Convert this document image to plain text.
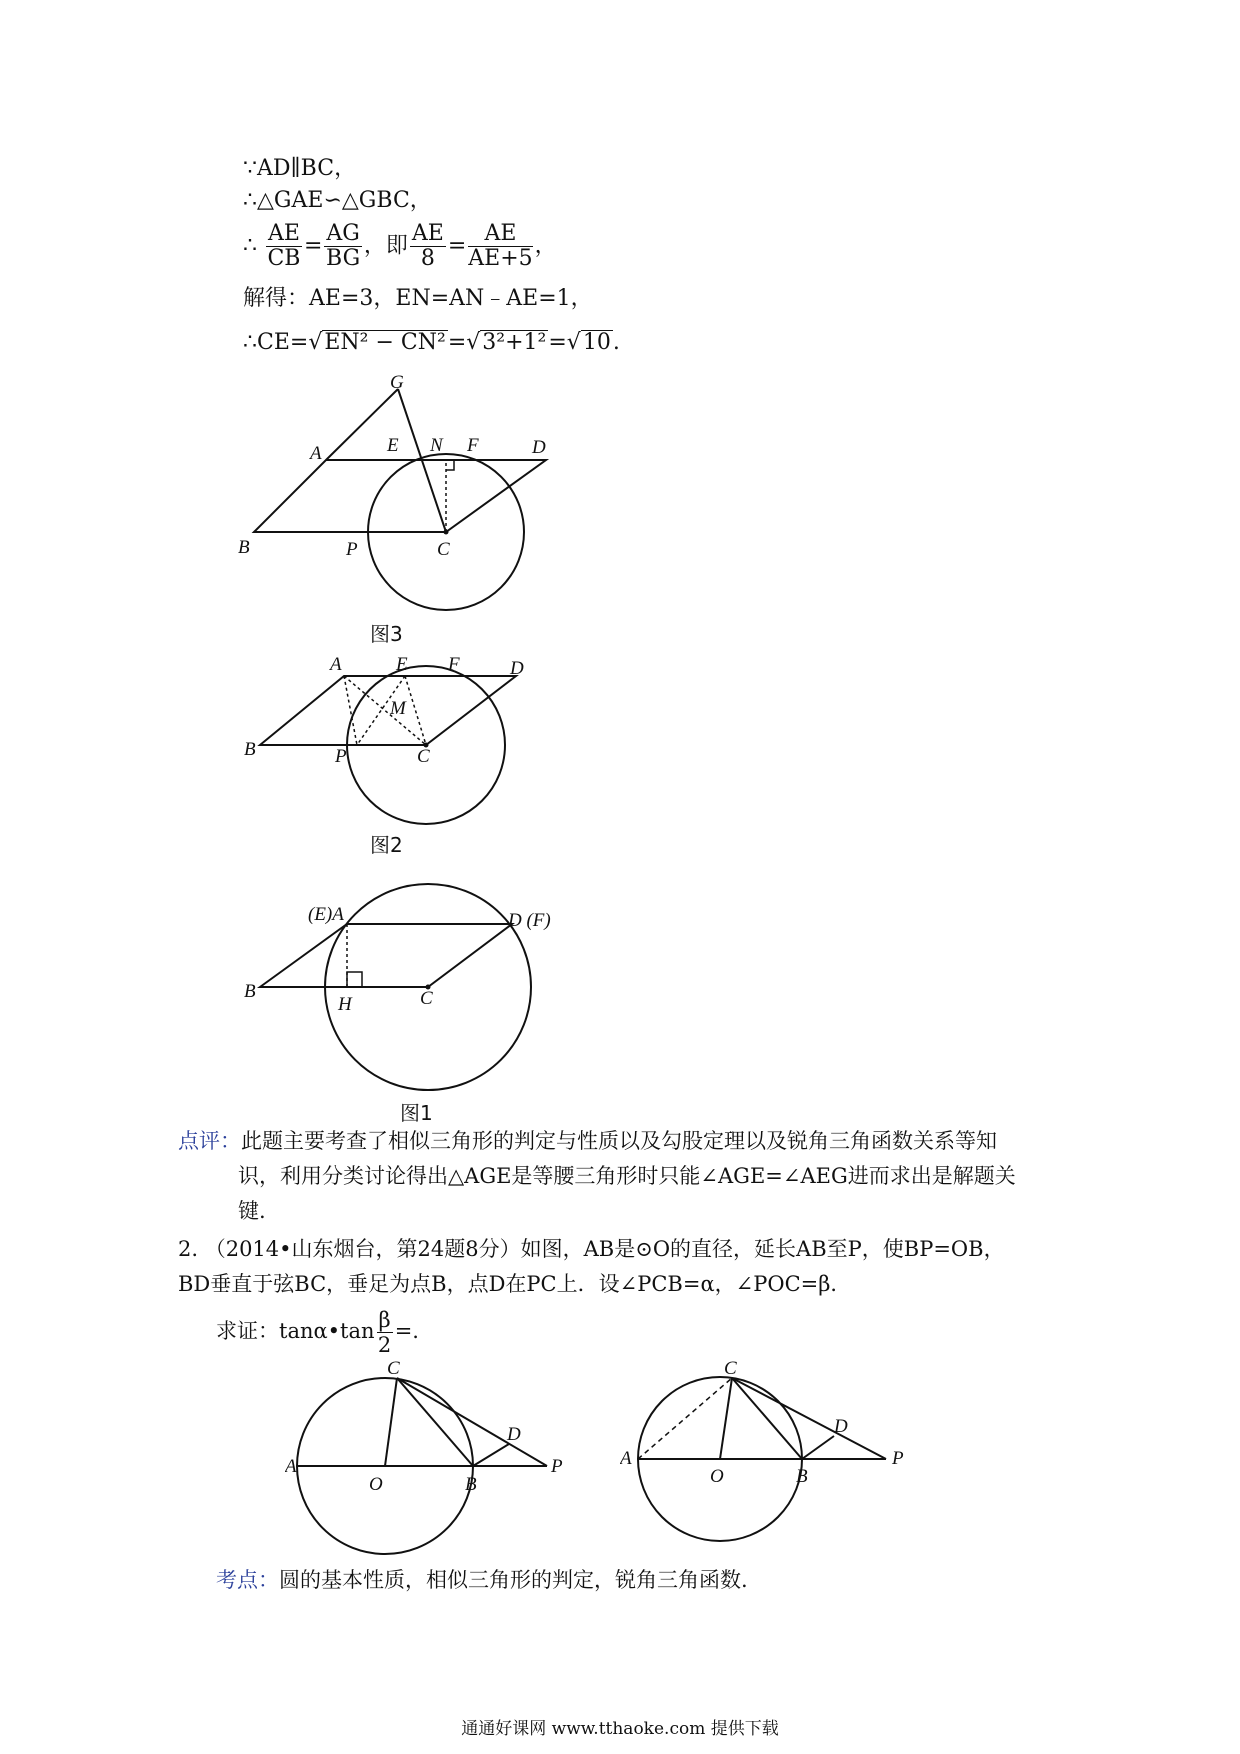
∵AD∥BC，
∴△GAE∽△GBC，
∴ $\frac{AE}{CB} = \frac{AG}{BG}$ ，即 $\frac{AE}{8} = \frac{AE}{AE+5}$ ，
解得：AE=3，EN=AN﹣AE=1，
∴CE=√EN² − CN²=√3²+1²=√10.
G
A	E N F	D
B	P	C
图3
A	E F	D
M
B	P	C
图2
(E)A	D (F)
B
H	C
图1
点评：此题主要考查了相似三角形的判定与性质以及勾股定理以及锐角三角函数关系等知
识，利用分类讨论得出△AGE是等腰三角形时只能∠AGE=∠AEG进而求出是解题关
键.
2. （2014•山东烟台，第24题8分）如图，AB是⊙O的直径，延长AB至P，使BP=OB，
BD垂直于弦BC，垂足为点B，点D在PC上．设∠PCB=α，∠POC=β．
求证：tanα•tan $\frac{\beta}{2}$ =.
A
O
C
B
D
P	A
O
C
B
D
P
考点：圆的基本性质，相似三角形的判定，锐角三角函数.
通通好课网 www.tthaoke.com 提供下载
